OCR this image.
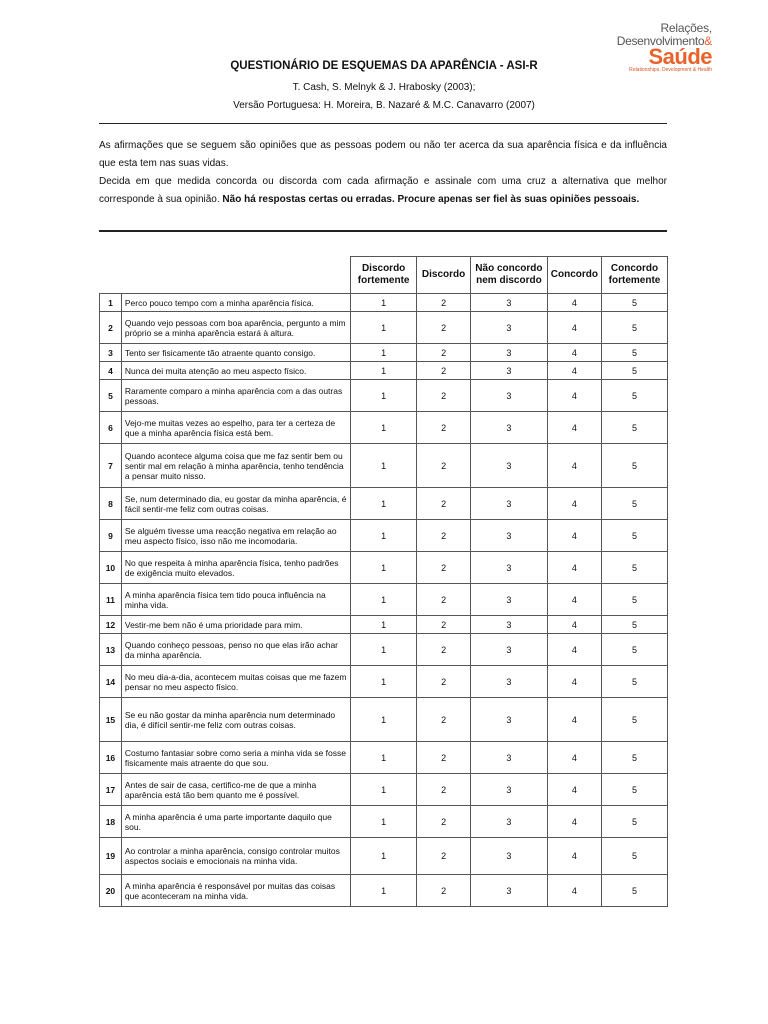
Relações,
Desenvolvimento&
Saúde
Relationships, Development & Health
QUESTIONÁRIO DE ESQUEMAS DA APARÊNCIA - ASI-R
T. Cash, S. Melnyk & J. Hrabosky (2003);
Versão Portuguesa: H. Moreira, B. Nazaré & M.C. Canavarro (2007)

As afirmações que se seguem são opiniões que as pessoas podem ou não ter acerca da sua aparência física e da influência que esta tem nas suas vidas.

Decida em que medida concorda ou discorda com cada afirmação e assinale com uma cruz a alternativa que melhor corresponde à sua opinião. Não há respostas certas ou erradas. Procure apenas ser fiel às suas opiniões pessoais.

		Discordo fortemente	Discordo	Não concordo nem discordo	Concordo	Concordo fortemente
1	Perco pouco tempo com a minha aparência física.	1	2	3	4	5
2	Quando vejo pessoas com boa aparência, pergunto a mim próprio se a minha aparência estará à altura.	1	2	3	4	5
3	Tento ser fisicamente tão atraente quanto consigo.	1	2	3	4	5
4	Nunca dei muita atenção ao meu aspecto físico.	1	2	3	4	5
5	Raramente comparo a minha aparência com a das outras pessoas.	1	2	3	4	5
6	Vejo-me muitas vezes ao espelho, para ter a certeza de que a minha aparência física está bem.	1	2	3	4	5
7	Quando acontece alguma coisa que me faz sentir bem ou sentir mal em relação à minha aparência, tenho tendência a pensar muito nisso.	1	2	3	4	5
8	Se, num determinado dia, eu gostar da minha aparência, é fácil sentir-me feliz com outras coisas.	1	2	3	4	5
9	Se alguém tivesse uma reacção negativa em relação ao meu aspecto físico, isso não me incomodaria.	1	2	3	4	5
10	No que respeita à minha aparência física, tenho padrões de exigência muito elevados.	1	2	3	4	5
11	A minha aparência física tem tido pouca influência na minha vida.	1	2	3	4	5
12	Vestir-me bem não é uma prioridade para mim.	1	2	3	4	5
13	Quando conheço pessoas, penso no que elas irão achar da minha aparência.	1	2	3	4	5
14	No meu dia-a-dia, acontecem muitas coisas que me fazem pensar no meu aspecto físico.	1	2	3	4	5
15	Se eu não gostar da minha aparência num determinado dia, é difícil sentir-me feliz com outras coisas.	1	2	3	4	5
16	Costumo fantasiar sobre como seria a minha vida se fosse fisicamente mais atraente do que sou.	1	2	3	4	5
17	Antes de sair de casa, certifico-me de que a minha aparência está tão bem quanto me é possível.	1	2	3	4	5
18	A minha aparência é uma parte importante daquilo que sou.	1	2	3	4	5
19	Ao controlar a minha aparência, consigo controlar muitos aspectos sociais e emocionais na minha vida.	1	2	3	4	5
20	A minha aparência é responsável por muitas das coisas que aconteceram na minha vida.	1	2	3	4	5
